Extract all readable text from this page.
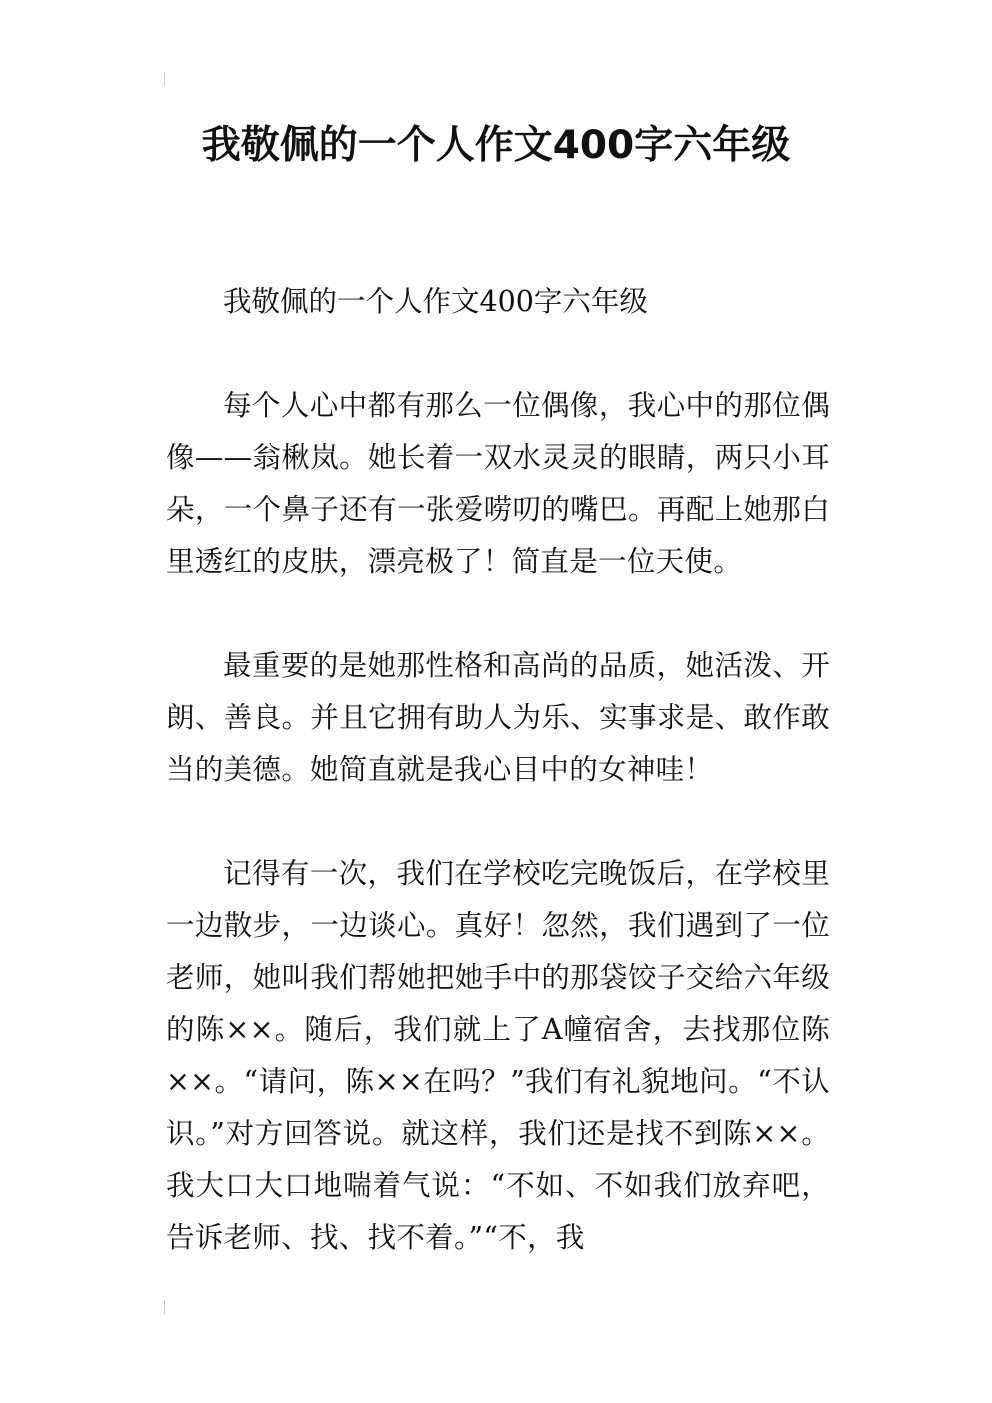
我敬佩的一个人作文400字六年级

我敬佩的一个人作文400字六年级

每个人心中都有那么一位偶像，我心中的那位偶像——翁楸岚。她长着一双水灵灵的眼睛，两只小耳朵，一个鼻子还有一张爱唠叨的嘴巴。再配上她那白里透红的皮肤，漂亮极了！简直是一位天使。

最重要的是她那性格和高尚的品质，她活泼、开朗、善良。并且它拥有助人为乐、实事求是、敢作敢当的美德。她简直就是我心目中的女神哇！

记得有一次，我们在学校吃完晚饭后，在学校里一边散步，一边谈心。真好！忽然，我们遇到了一位老师，她叫我们帮她把她手中的那袋饺子交给六年级的陈××。随后，我们就上了A幢宿舍，去找那位陈××。“请问，陈××在吗？”我们有礼貌地问。“不认识。”对方回答说。就这样，我们还是找不到陈××。我大口大口地喘着气说：“不如、不如我们放弃吧，告诉老师、找、找不着。”“不，我
